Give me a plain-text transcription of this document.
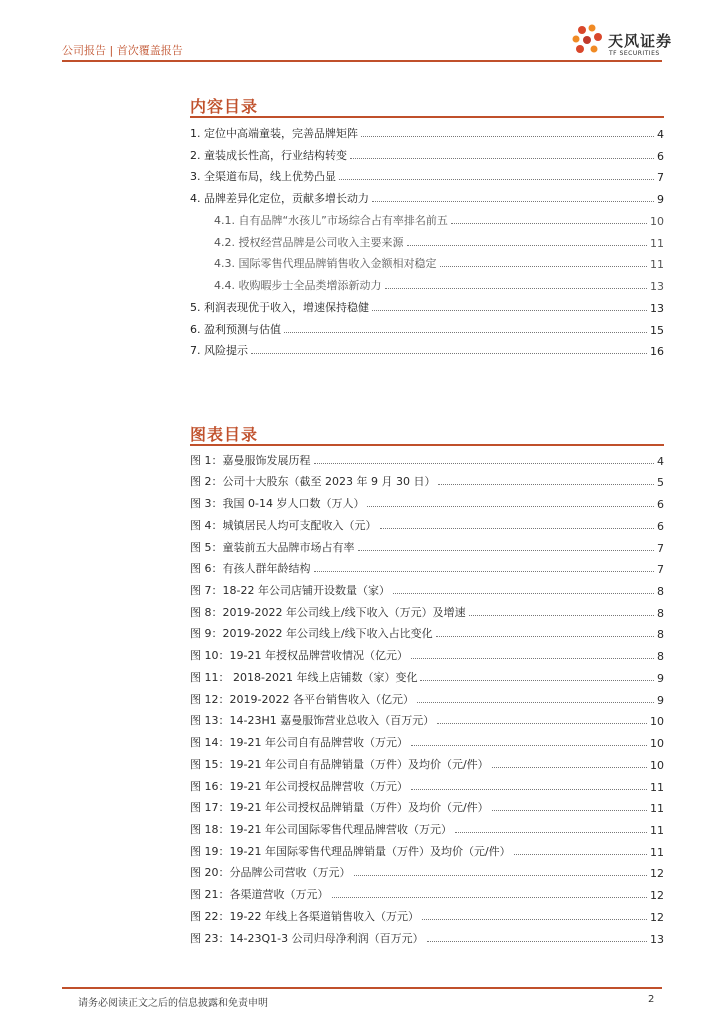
公司报告 | 首次覆盖报告
天风证券
TF SECURITIES
内容目录
1. 定位中高端童装，完善品牌矩阵	4
2. 童装成长性高，行业结构转变	6
3. 全渠道布局，线上优势凸显	7
4. 品牌差异化定位，贡献多增长动力	9
4.1. 自有品牌“水孩儿”市场综合占有率排名前五	10
4.2. 授权经营品牌是公司收入主要来源	11
4.3. 国际零售代理品牌销售收入金额相对稳定	11
4.4. 收购暇步士全品类增添新动力	13
5. 利润表现优于收入，增速保持稳健	13
6. 盈利预测与估值	15
7. 风险提示	16
图表目录
图 1：嘉曼服饰发展历程	4
图 2：公司十大股东（截至 2023 年 9 月 30 日）	5
图 3：我国 0-14 岁人口数（万人）	6
图 4：城镇居民人均可支配收入（元）	6
图 5：童装前五大品牌市场占有率	7
图 6：有孩人群年龄结构	7
图 7：18-22 年公司店铺开设数量（家）	8
图 8：2019-2022 年公司线上/线下收入（万元）及增速	8
图 9：2019-2022 年公司线上/线下收入占比变化	8
图 10：19-21 年授权品牌营收情况（亿元）	8
图 11： 2018-2021 年线上店铺数（家）变化	9
图 12：2019-2022 各平台销售收入（亿元）	9
图 13：14-23H1 嘉曼服饰营业总收入（百万元）	10
图 14：19-21 年公司自有品牌营收（万元）	10
图 15：19-21 年公司自有品牌销量（万件）及均价（元/件）	10
图 16：19-21 年公司授权品牌营收（万元）	11
图 17：19-21 年公司授权品牌销量（万件）及均价（元/件）	11
图 18：19-21 年公司国际零售代理品牌营收（万元）	11
图 19：19-21 年国际零售代理品牌销量（万件）及均价（元/件）	11
图 20：分品牌公司营收（万元）	12
图 21：各渠道营收（万元）	12
图 22：19-22 年线上各渠道销售收入（万元）	12
图 23：14-23Q1-3 公司归母净利润（百万元）	13
请务必阅读正文之后的信息披露和免责申明	2
